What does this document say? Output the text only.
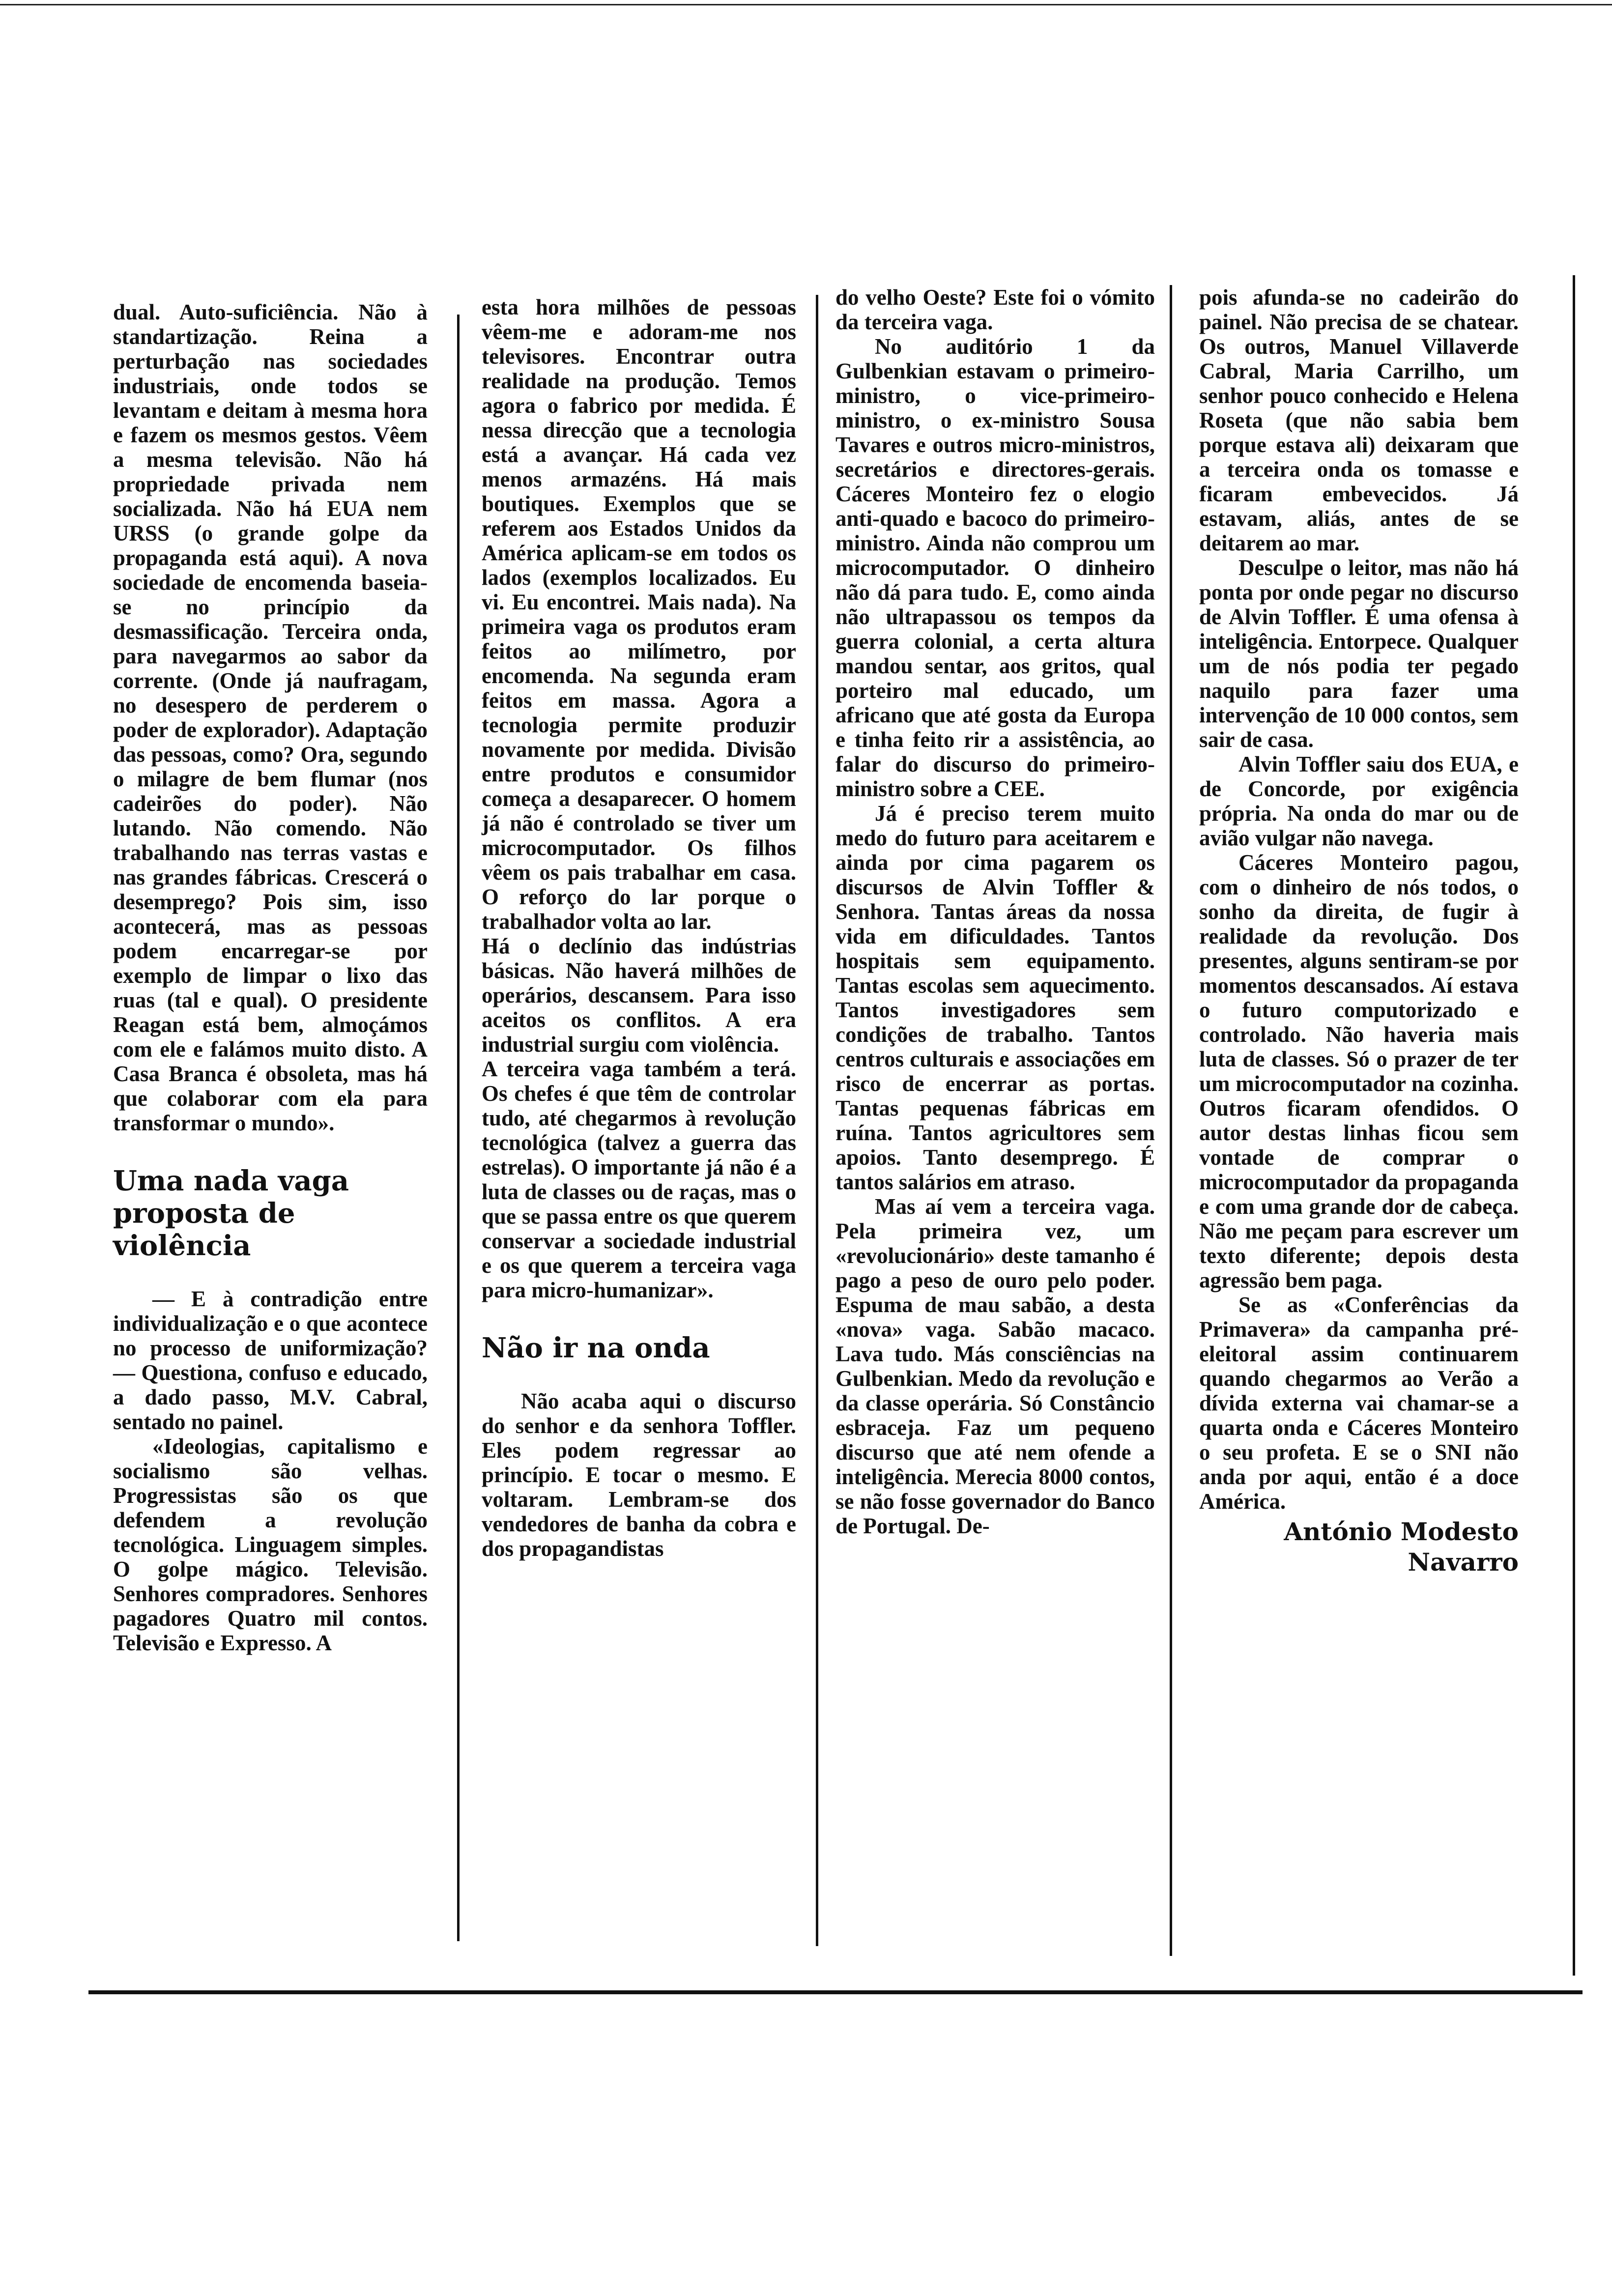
dual. Auto-suficiência. Não à standartização. Reina a perturbação nas sociedades industriais, onde todos se levantam e deitam à mesma hora e fazem os mesmos gestos. Vêem a mesma televisão. Não há propriedade privada nem socializada. Não há EUA nem URSS (o grande golpe da propaganda está aqui). A nova sociedade de encomenda baseia-se no princípio da desmassificação. Terceira onda, para navegarmos ao sabor da corrente. (Onde já naufragam, no desespero de perderem o poder de explorador). Adaptação das pessoas, como? Ora, segundo o milagre de bem flumar (nos cadeirões do poder). Não lutando. Não comendo. Não trabalhando nas terras vastas e nas grandes fábricas. Crescerá o desemprego? Pois sim, isso acontecerá, mas as pessoas podem encarregar-se por exemplo de limpar o lixo das ruas (tal e qual). O presidente Reagan está bem, almoçámos com ele e falámos muito disto. A Casa Branca é obsoleta, mas há que colaborar com ela para transformar o mundo».

Uma nada vaga proposta de violência

— E à contradição entre individualização e o que acontece no processo de uniformização? — Questiona, confuso e educado, a dado passo, M.V. Cabral, sentado no painel.

«Ideologias, capitalismo e socialismo são velhas. Progressistas são os que defendem a revolução tecnológica. Linguagem simples. O golpe mágico. Televisão. Senhores compradores. Senhores pagadores Quatro mil contos. Televisão e Expresso. A

esta hora milhões de pessoas vêem-me e adoram-me nos televisores. Encontrar outra realidade na produção. Temos agora o fabrico por medida. É nessa direcção que a tecnologia está a avançar. Há cada vez menos armazéns. Há mais boutiques. Exemplos que se referem aos Estados Unidos da América aplicam-se em todos os lados (exemplos localizados. Eu vi. Eu encontrei. Mais nada). Na primeira vaga os produtos eram feitos ao milímetro, por encomenda. Na segunda eram feitos em massa. Agora a tecnologia permite produzir novamente por medida. Divisão entre produtos e consumidor começa a desaparecer. O homem já não é controlado se tiver um microcomputador. Os filhos vêem os pais trabalhar em casa. O reforço do lar porque o trabalhador volta ao lar.

Há o declínio das indústrias básicas. Não haverá milhões de operários, descansem. Para isso aceitos os conflitos. A era industrial surgiu com violência.

A terceira vaga também a terá. Os chefes é que têm de controlar tudo, até chegarmos à revolução tecnológica (talvez a guerra das estrelas). O importante já não é a luta de classes ou de raças, mas o que se passa entre os que querem conservar a sociedade industrial e os que querem a terceira vaga para micro-humanizar».

Não ir na onda

Não acaba aqui o discurso do senhor e da senhora Toffler. Eles podem regressar ao princípio. E tocar o mesmo. E voltaram. Lembram-se dos vendedores de banha da cobra e dos propagandistas

do velho Oeste? Este foi o vómito da terceira vaga.

No auditório 1 da Gulbenkian estavam o primeiro-ministro, o vice-primeiro-ministro, o ex-ministro Sousa Tavares e outros micro-ministros, secretários e directores-gerais. Cáceres Monteiro fez o elogio anti-quado e bacoco do primeiro-ministro. Ainda não comprou um microcomputador. O dinheiro não dá para tudo. E, como ainda não ultrapassou os tempos da guerra colonial, a certa altura mandou sentar, aos gritos, qual porteiro mal educado, um africano que até gosta da Europa e tinha feito rir a assistência, ao falar do discurso do primeiro-ministro sobre a CEE.

Já é preciso terem muito medo do futuro para aceitarem e ainda por cima pagarem os discursos de Alvin Toffler & Senhora. Tantas áreas da nossa vida em dificuldades. Tantos hospitais sem equipamento. Tantas escolas sem aquecimento. Tantos investigadores sem condições de trabalho. Tantos centros culturais e associações em risco de encerrar as portas. Tantas pequenas fábricas em ruína. Tantos agricultores sem apoios. Tanto desemprego. É tantos salários em atraso.

Mas aí vem a terceira vaga. Pela primeira vez, um «revolucionário» deste tamanho é pago a peso de ouro pelo poder. Espuma de mau sabão, a desta «nova» vaga. Sabão macaco. Lava tudo. Más consciências na Gulbenkian. Medo da revolução e da classe operária. Só Constâncio esbraceja. Faz um pequeno discurso que até nem ofende a inteligência. Merecia 8000 contos, se não fosse governador do Banco de Portugal. De-

pois afunda-se no cadeirão do painel. Não precisa de se chatear. Os outros, Manuel Villaverde Cabral, Maria Carrilho, um senhor pouco conhecido e Helena Roseta (que não sabia bem porque estava ali) deixaram que a terceira onda os tomasse e ficaram embevecidos. Já estavam, aliás, antes de se deitarem ao mar.

Desculpe o leitor, mas não há ponta por onde pegar no discurso de Alvin Toffler. É uma ofensa à inteligência. Entorpece. Qualquer um de nós podia ter pegado naquilo para fazer uma intervenção de 10 000 contos, sem sair de casa.

Alvin Toffler saiu dos EUA, e de Concorde, por exigência própria. Na onda do mar ou de avião vulgar não navega.

Cáceres Monteiro pagou, com o dinheiro de nós todos, o sonho da direita, de fugir à realidade da revolução. Dos presentes, alguns sentiram-se por momentos descansados. Aí estava o futuro computorizado e controlado. Não haveria mais luta de classes. Só o prazer de ter um microcomputador na cozinha. Outros ficaram ofendidos. O autor destas linhas ficou sem vontade de comprar o microcomputador da propaganda e com uma grande dor de cabeça. Não me peçam para escrever um texto diferente; depois desta agressão bem paga.

Se as «Conferências da Primavera» da campanha pré-eleitoral assim continuarem quando chegarmos ao Verão a dívida externa vai chamar-se a quarta onda e Cáceres Monteiro o seu profeta. E se o SNI não anda por aqui, então é a doce América.

António Modesto
Navarro
